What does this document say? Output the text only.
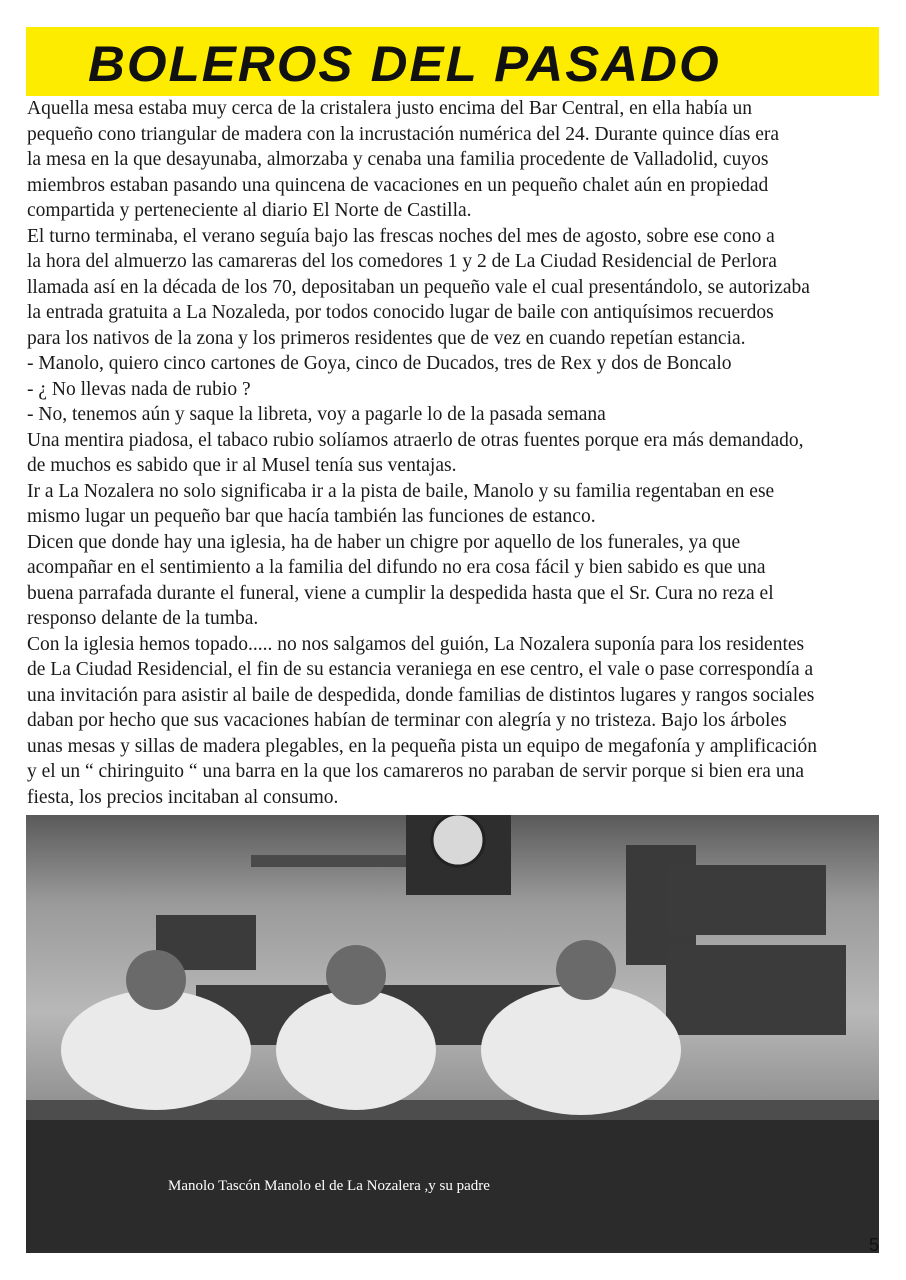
BOLEROS DEL PASADO
Aquella mesa estaba muy cerca de la cristalera justo encima del Bar Central, en ella había un
pequeño cono triangular de madera con la incrustación numérica del 24. Durante quince días era
la mesa en la que desayunaba, almorzaba y cenaba una familia procedente de Valladolid, cuyos
miembros estaban pasando una quincena de vacaciones en un pequeño chalet aún en propiedad
compartida y perteneciente al diario El Norte de Castilla.
El turno terminaba, el verano seguía bajo las frescas noches del mes de agosto, sobre ese cono a
la hora del almuerzo las camareras del los comedores 1 y 2 de La Ciudad Residencial de Perlora
llamada así en la década de los 70, depositaban un pequeño vale el cual presentándolo, se autorizaba
la entrada gratuita a La Nozaleda, por todos conocido lugar de baile con antiquísimos recuerdos
para los nativos de la zona y los primeros residentes que de vez en cuando repetían estancia.
- Manolo, quiero cinco cartones de Goya, cinco de Ducados, tres de Rex y dos de Boncalo
- ¿ No llevas nada de rubio ?
- No, tenemos aún y saque la libreta, voy a pagarle lo de la pasada semana
Una mentira piadosa, el tabaco rubio solíamos atraerlo de otras fuentes porque era más demandado,
de muchos es sabido que ir al Musel tenía sus ventajas.
Ir a La Nozalera no solo significaba ir a la pista de baile, Manolo y su familia regentaban en ese
mismo lugar un pequeño bar que hacía también las funciones de estanco.
Dicen que donde hay una iglesia, ha de haber un chigre por aquello de los funerales, ya que
acompañar en el sentimiento a la familia del difundo no era cosa fácil y bien sabido es que una
buena parrafada durante el funeral, viene a cumplir la despedida hasta que el Sr. Cura no reza el
responso delante de la tumba.
Con la iglesia hemos topado..... no nos salgamos del guión, La Nozalera suponía para los residentes
de La Ciudad Residencial, el fin de su estancia veraniega en ese centro, el vale o pase correspondía a
una invitación para asistir al baile de despedida, donde familias de distintos lugares y rangos sociales
daban por hecho que sus vacaciones habían de terminar con alegría y no tristeza. Bajo los árboles
unas mesas y sillas de madera plegables, en la pequeña pista un equipo de megafonía y amplificación
y el un “ chiringuito “ una barra en la que los camareros no paraban de servir porque si bien era una
fiesta, los precios incitaban al consumo.
Manolo Tascón Manolo el de La Nozalera ,y su padre
5
